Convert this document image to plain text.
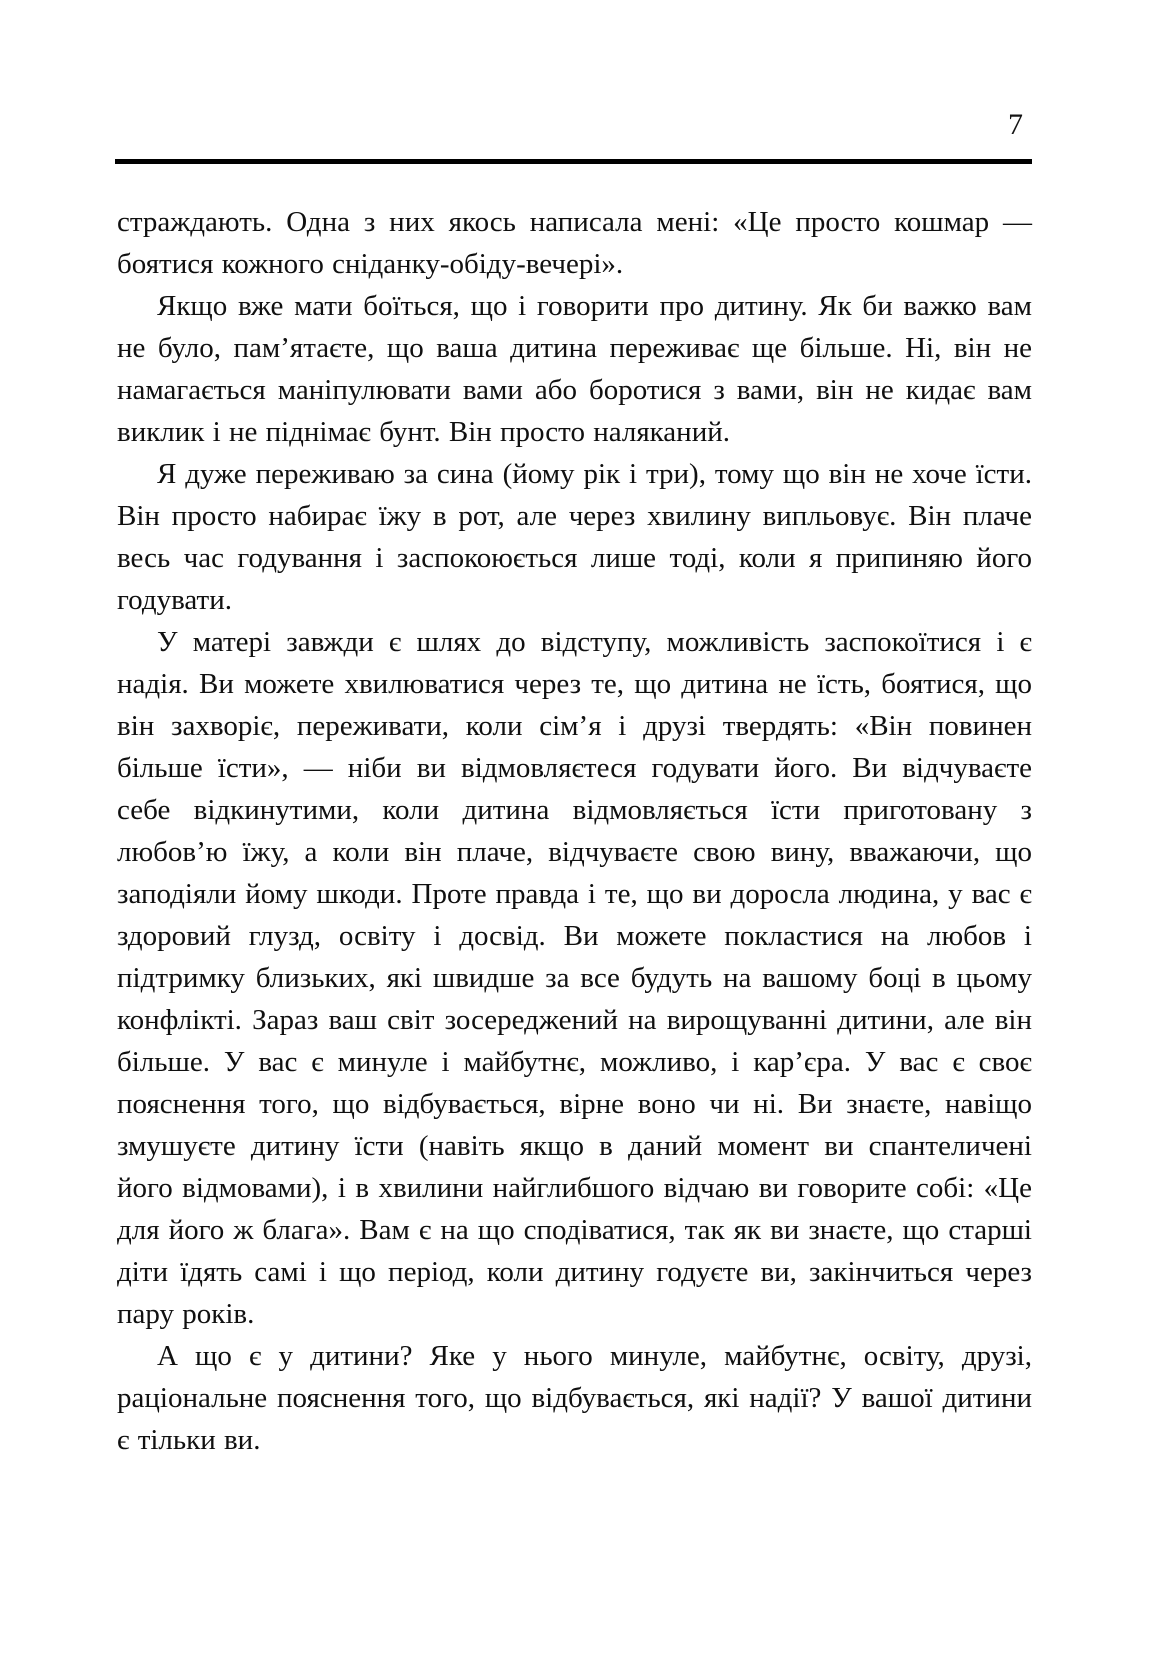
7

страждають. Одна з них якось написала мені: «Це просто кошмар — боятися кожного сніданку-обіду-вечері».

Якщо вже мати боїться, що і говорити про дитину. Як би важко вам не було, пам’ятаєте, що ваша дитина переживає ще більше. Ні, він не намагається маніпулювати вами або боротися з вами, він не кидає вам виклик і не піднімає бунт. Він просто наляканий.

Я дуже переживаю за сина (йому рік і три), тому що він не хоче їсти. Він просто набирає їжу в рот, але через хвилину випльовує. Він плаче весь час годування і заспокоюється лише тоді, коли я припиняю його годувати.

У матері завжди є шлях до відступу, можливість заспокоїтися і є надія. Ви можете хвилюватися через те, що дитина не їсть, боятися, що він захворіє, переживати, коли сім’я і друзі твердять: «Він повинен більше їсти», — ніби ви відмовляєтеся годувати його. Ви відчуваєте себе відкинутими, коли дитина відмовляється їсти приготовану з любов’ю їжу, а коли він плаче, відчуваєте свою вину, вважаючи, що заподіяли йому шкоди. Проте правда і те, що ви доросла людина, у вас є здоровий глузд, освіту і досвід. Ви можете покластися на любов і підтримку близьких, які швидше за все будуть на вашому боці в цьому конфлікті. Зараз ваш світ зосереджений на вирощуванні дитини, але він більше. У вас є минуле і майбутнє, можливо, і кар’єра. У вас є своє пояснення того, що відбувається, вірне воно чи ні. Ви знаєте, навіщо змушуєте дитину їсти (навіть якщо в даний момент ви спантеличені його відмовами), і в хвилини найглибшого відчаю ви говорите собі: «Це для його ж блага». Вам є на що сподіватися, так як ви знаєте, що старші діти їдять самі і що період, коли дитину годуєте ви, закінчиться через пару років.

А що є у дитини? Яке у нього минуле, майбутнє, освіту, друзі, раціональне пояснення того, що відбувається, які надії? У вашої дитини є тільки ви.
